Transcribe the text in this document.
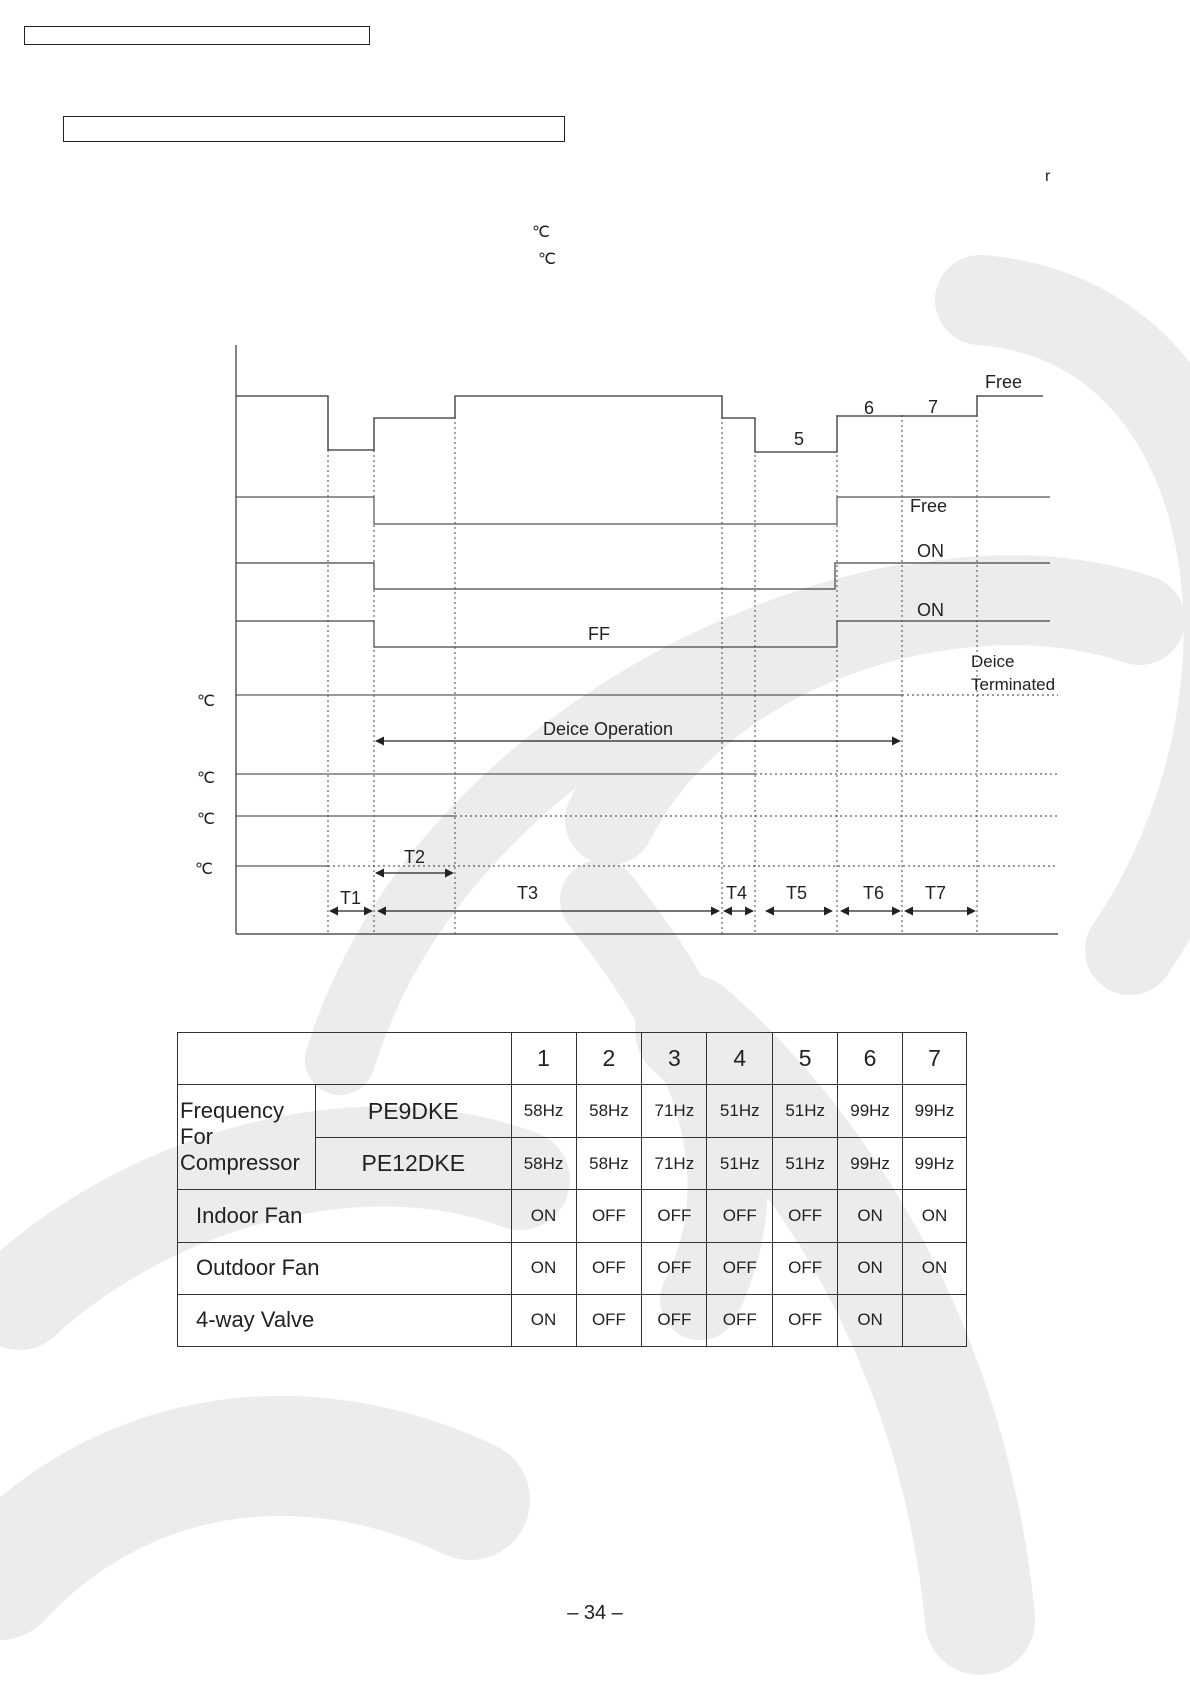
r
℃
℃
℃
℃
℃
℃
Free
6	7
5
Free
ON
ON
FF
Deice
Terminated
Deice Operation
T2
T1	T3	T4 T5	T6 T7
		1	2	3	4	5	6	7
Frequency
For
Compressor	PE9DKE	58Hz	58Hz	71Hz	51Hz	51Hz	99Hz	99Hz
	PE12DKE	58Hz	58Hz	71Hz	51Hz	51Hz	99Hz	99Hz
Indoor Fan		ON	OFF	OFF	OFF	OFF	ON	ON
Outdoor Fan		ON	OFF	OFF	OFF	OFF	ON	ON
4-way Valve		ON	OFF	OFF	OFF	OFF	ON	
– 34 –
